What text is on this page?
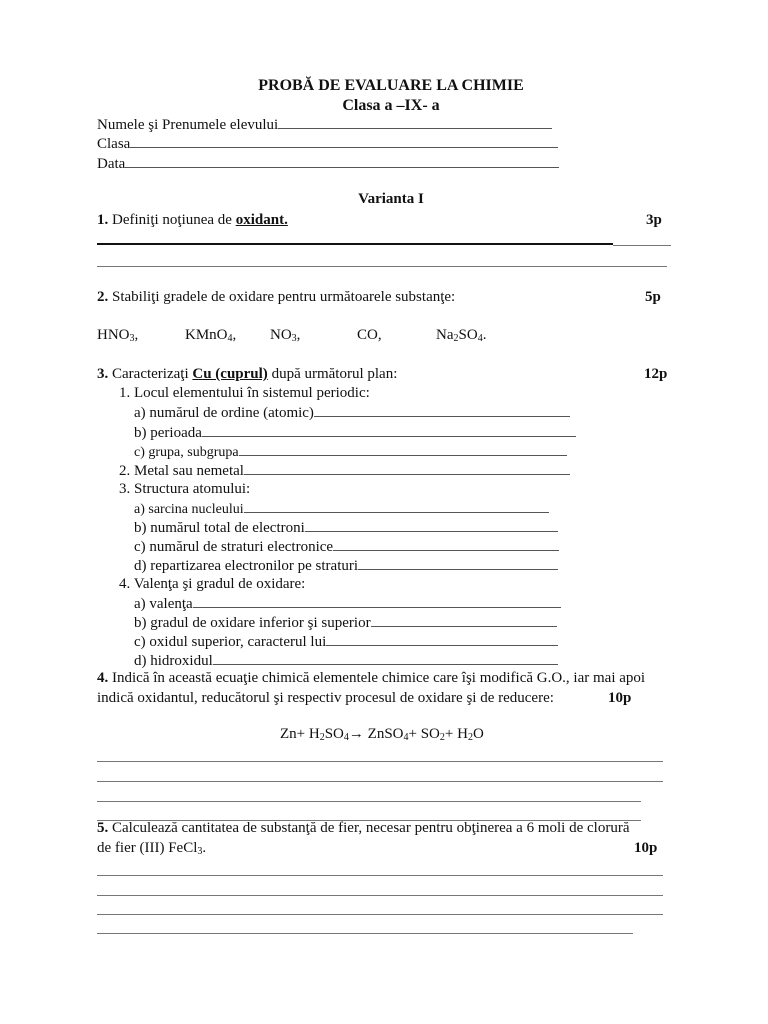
PROBĂ DE EVALUARE LA CHIMIE
Clasa a –IX- a
Numele şi Prenumele elevului
Clasa
Data
Varianta I
1. Definiţi noţiunea de oxidant.	3p
2. Stabiliţi gradele de oxidare pentru următoarele substanţe:	5p
$HNO_3$,	KMnO$_4$, $NO_3$,	CO,	$Na_2SO_4$.
3. Caracterizaţi Cu (cuprul) după următorul plan:	12p
1. Locul elementului în sistemul periodic:
a) numărul de ordine (atomic)
b) perioada
c) grupa, subgrupa
2. Metal sau nemetal
3. Structura atomului:
a) sarcina nucleului
b) numărul total de electroni
c) numărul de straturi electronice
d) repartizarea electronilor pe straturi
4. Valenţa şi gradul de oxidare:
a) valenţa
b) gradul de oxidare inferior şi superior
c) oxidul superior, caracterul lui
d) hidroxidul
4. Indică în această ecuaţie chimică elementele chimice care îşi modifică G.O., iar mai apoi
indică oxidantul, reducătorul şi respectiv procesul de oxidare şi de reducere:	10p
$Zn+ H_2SO_4\to$ ZnSO$_4$+ $SO_2+ H_2O$
5. Calculează cantitatea de substanţă de fier, necesar pentru obţinerea a 6 moli de clorură
de fier (III) FeCl$_3$.	10p
